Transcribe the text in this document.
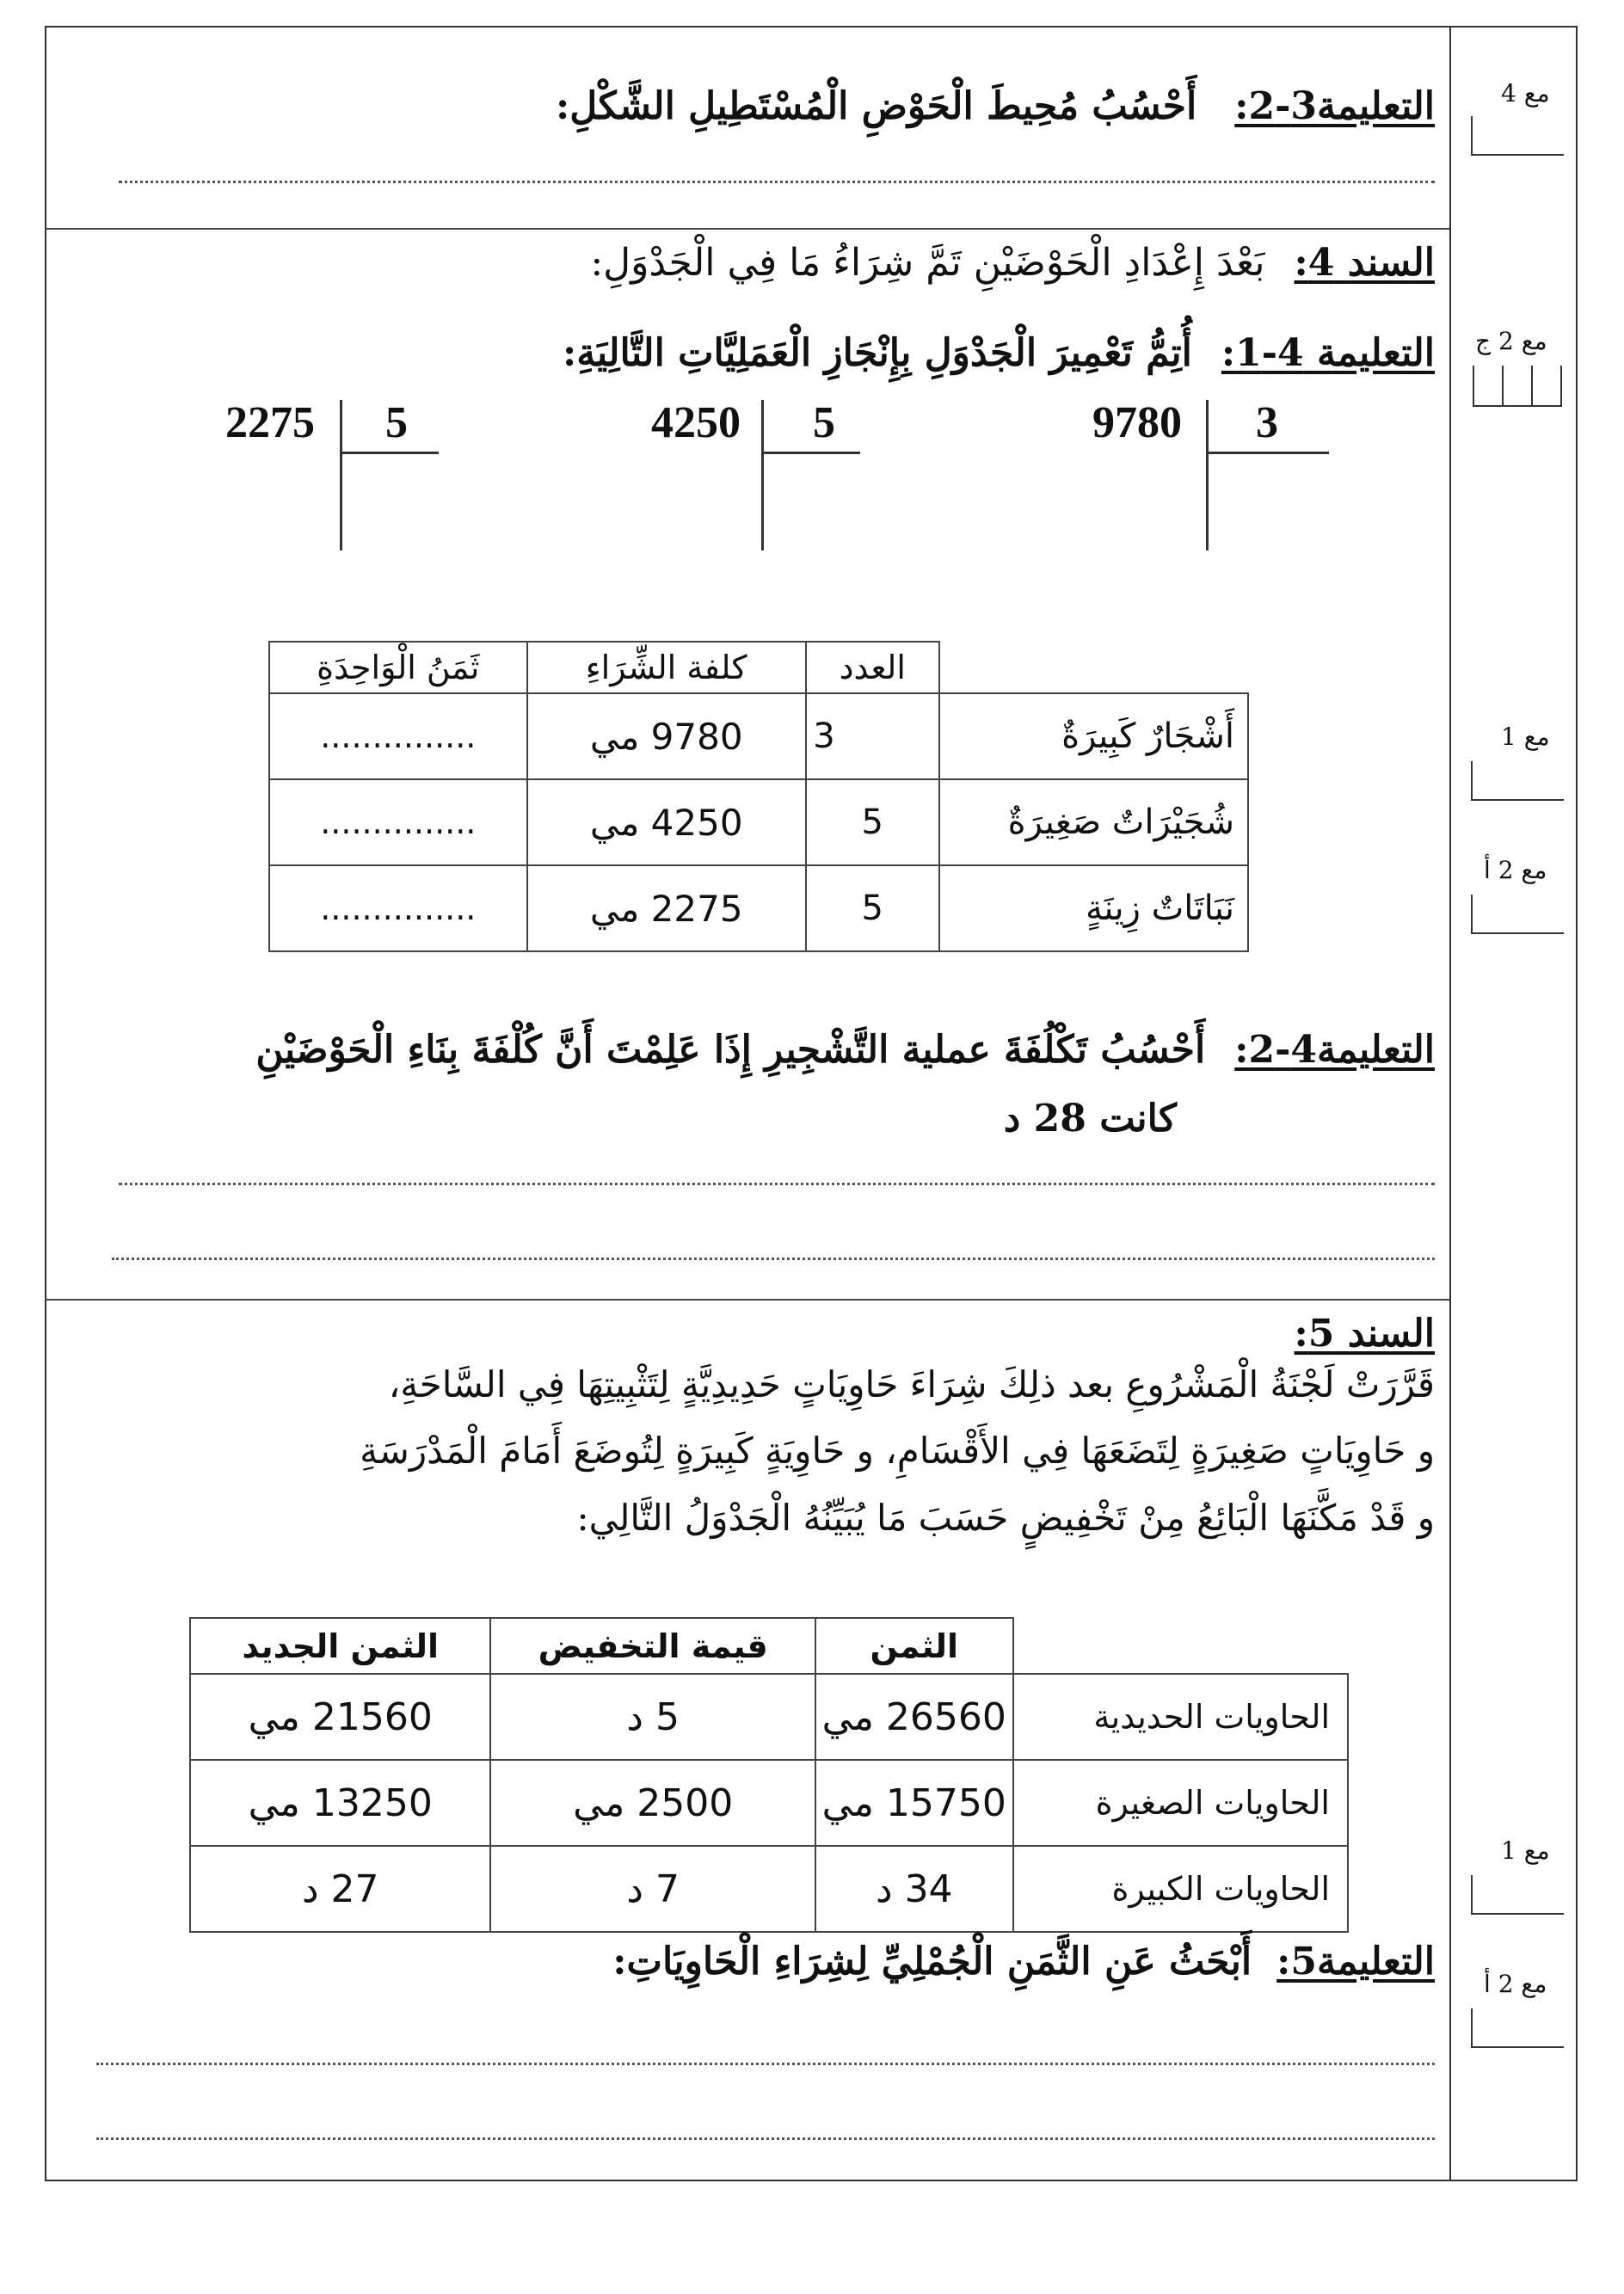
مع 4
مع 2 ج
مع 1
مع 2 أ
مع 1
مع 2 أ
التعليمة3-2: أَحْسُبُ مُحِيطَ الْحَوْضِ الْمُسْتَطِيلِ الشَّكْلِ:
السند 4: بَعْدَ إِعْدَادِ الْحَوْضَيْنِ تَمَّ شِرَاءُ مَا فِي الْجَدْوَلِ:
التعليمة 4-1: أُتِمُّ تَعْمِيرَ الْجَدْوَلِ بِإِنْجَازِ الْعَمَلِيَّاتِ التَّالِيَةِ:
2275 5	4250 5	9780 3
	العدد	كلفة الشِّرَاءِ	ثَمَنُ الْوَاحِدَةِ
أَشْجَارٌ كَبِيرَةٌ	3	9780 مي	...............
شُجَيْرَاتٌ صَغِيرَةٌ	5	4250 مي	...............
نَبَاتَاتٌ زِينَةٍ	5	2275 مي	...............
التعليمة4-2: أَحْسُبُ تَكْلُفَةَ عملية التَّشْجِيرِ إِذَا عَلِمْتَ أَنَّ كُلْفَةَ بِنَاءِ الْحَوْضَيْنِ
كانت 28 د
السند 5:
قَرَّرَتْ لَجْنَةُ الْمَشْرُوعِ بعد ذلِكَ شِرَاءَ حَاوِيَاتٍ حَدِيدِيَّةٍ لِتَثْبِيتِهَا فِي السَّاحَةِ،
و حَاوِيَاتٍ صَغِيرَةٍ لِتَضَعَهَا فِي الأَقْسَامِ، و حَاوِيَةٍ كَبِيرَةٍ لِتُوضَعَ أَمَامَ الْمَدْرَسَةِ
و قَدْ مَكَّنَهَا الْبَائِعُ مِنْ تَخْفِيضٍ حَسَبَ مَا يُبَيِّنُهُ الْجَدْوَلُ التَّالِي:
	الثمن	قيمة التخفيض	الثمن الجديد
الحاويات الحديدية	26560 مي	5 د	21560 مي
الحاويات الصغيرة	15750 مي	2500 مي	13250 مي
الحاويات الكبيرة	34 د	7 د	27 د
التعليمة5: أَبْحَثُ عَنِ الثَّمَنِ الْجُمْلِيِّ لِشِرَاءِ الْحَاوِيَاتِ:
